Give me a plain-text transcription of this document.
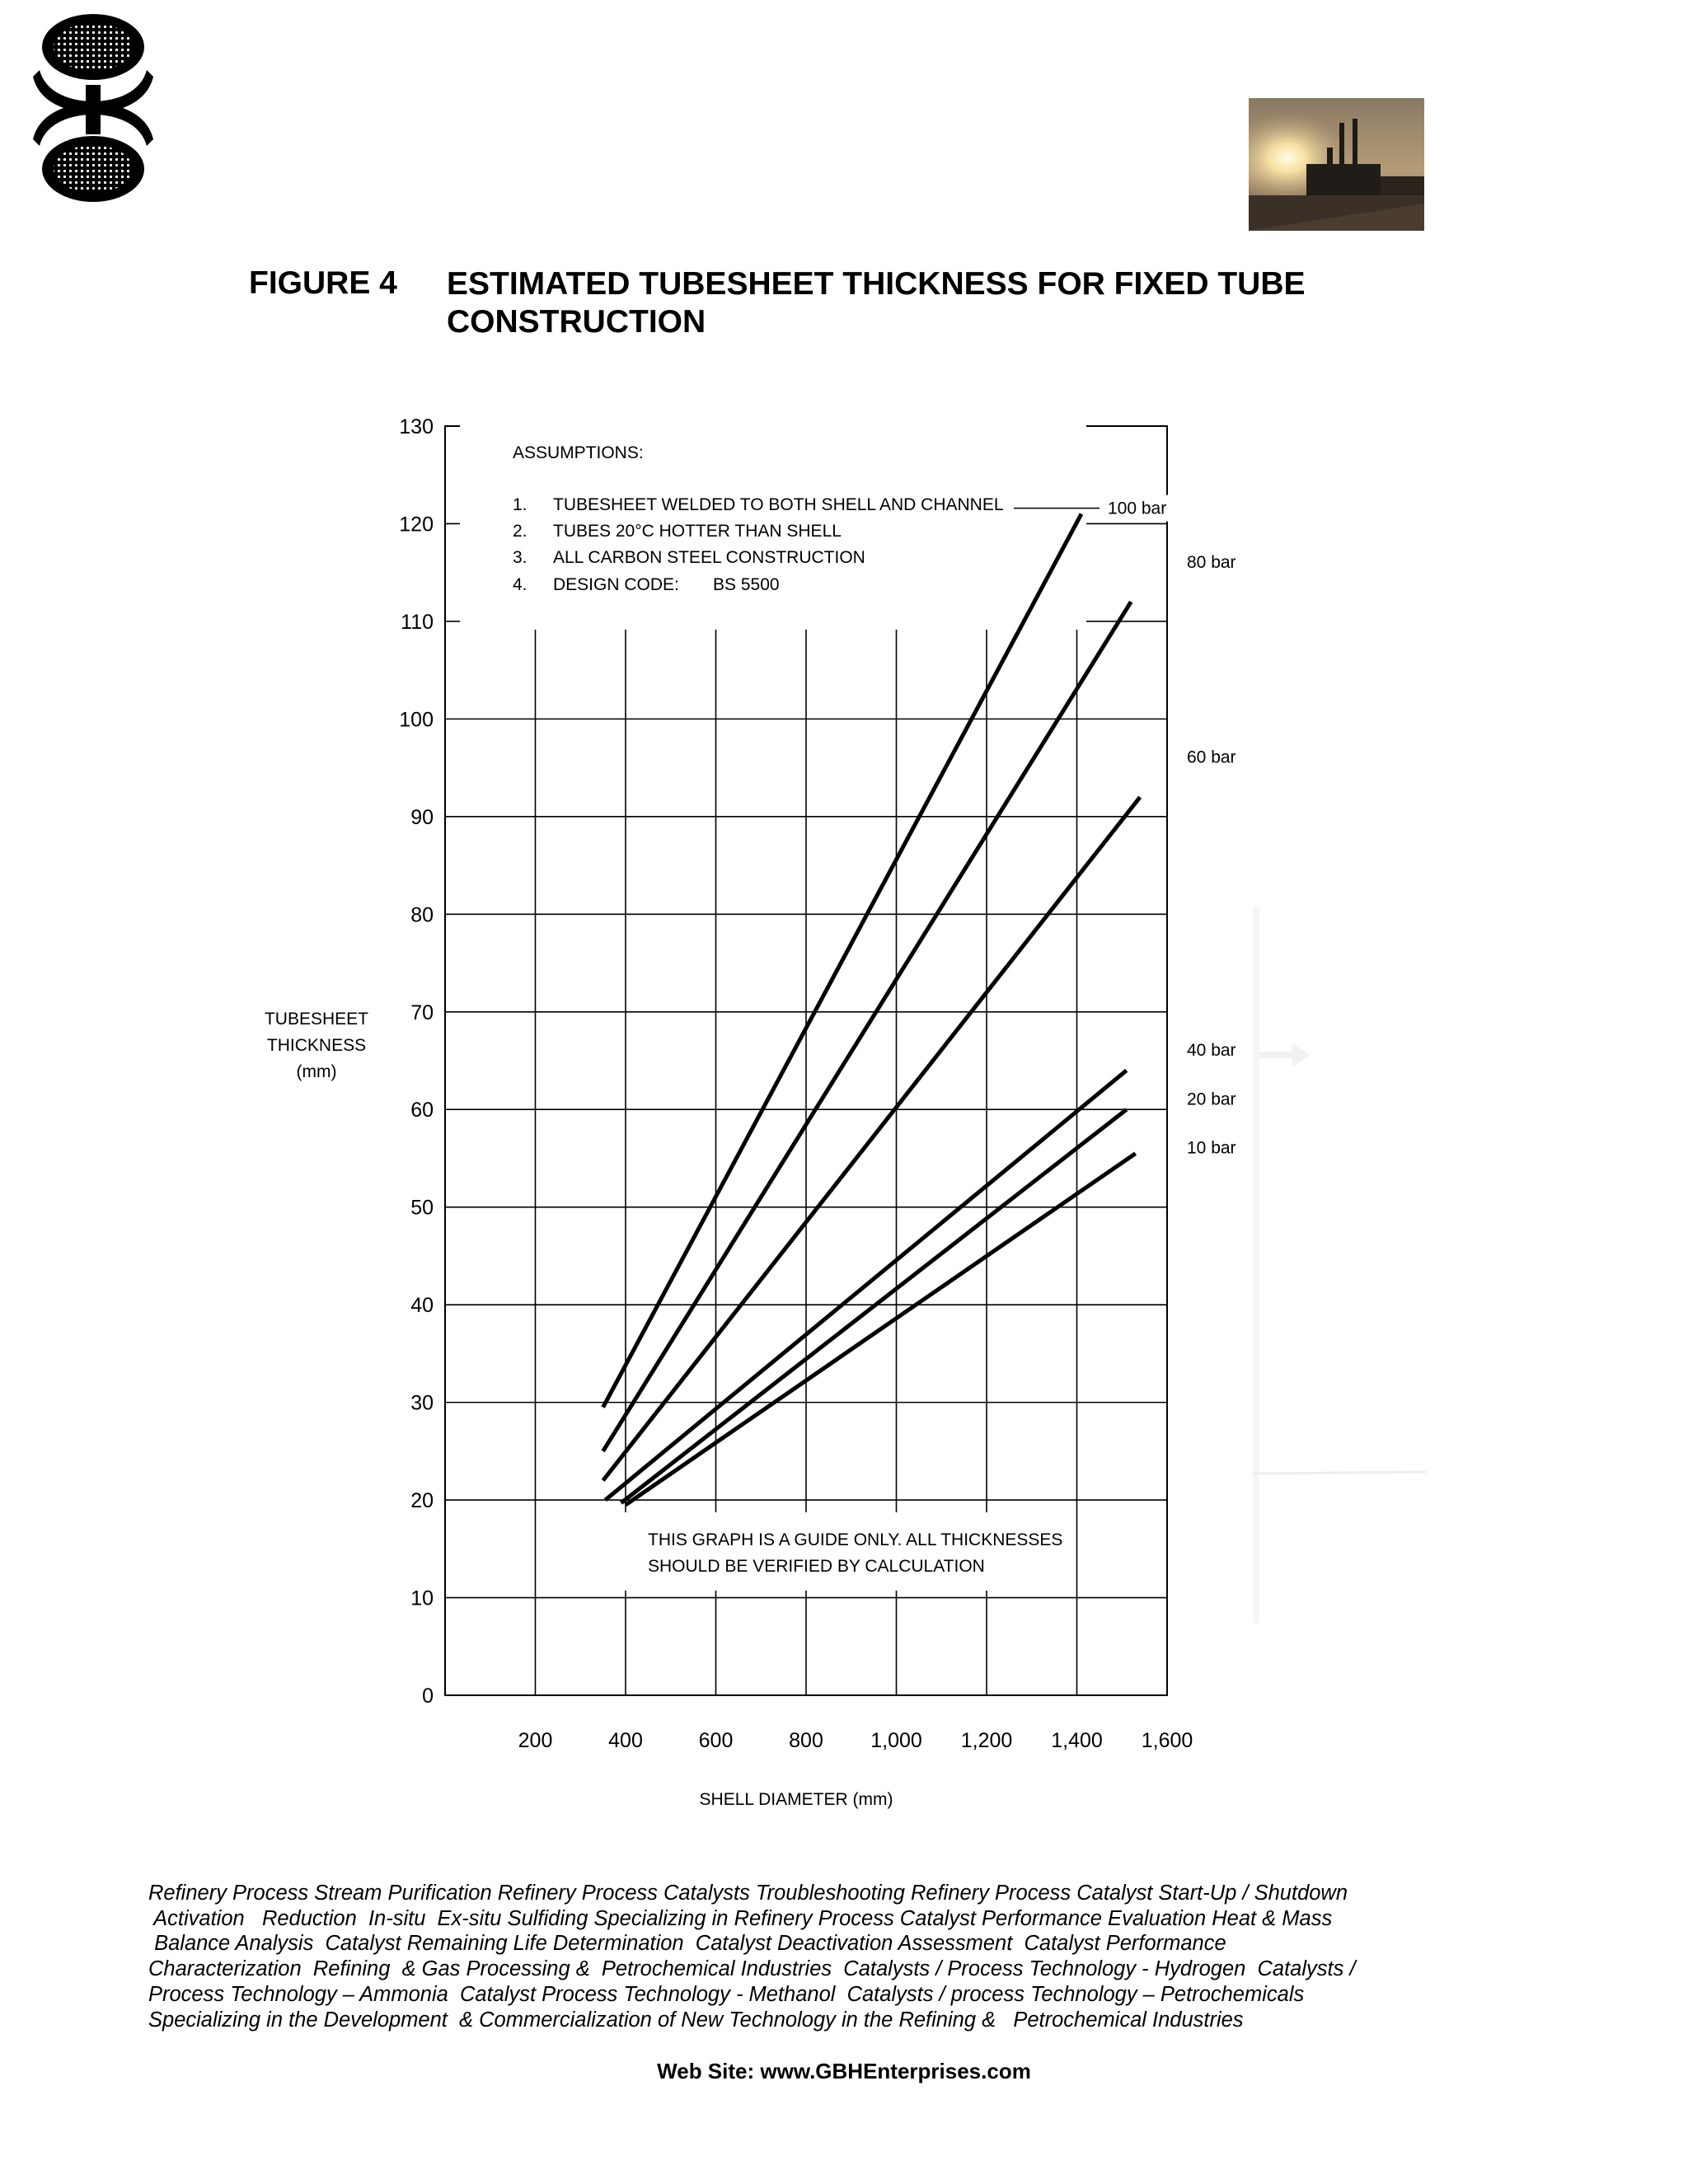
FIGURE 4 ESTIMATED TUBESHEET THICKNESS FOR FIXED TUBE CONSTRUCTION
0
10
20
30
40
50
60
70
80
90
100
110
120
130
200	400	600	800 1,000 1,200 1,400 1,600
ASSUMPTIONS:
1. TUBESHEET WELDED TO BOTH SHELL AND CHANNEL
2. TUBES 20°C HOTTER THAN SHELL
3. ALL CARBON STEEL CONSTRUCTION
4. DESIGN CODE: BS 5500
THIS GRAPH IS A GUIDE ONLY. ALL THICKNESSES
SHOULD BE VERIFIED BY CALCULATION
100 bar
80 bar
60 bar
40 bar
20 bar
10 bar
TUBESHEET
THICKNESS
(mm)
SHELL DIAMETER (mm)
Refinery Process Stream Purification Refinery Process Catalysts Troubleshooting Refinery Process Catalyst Start-Up / Shutdown
Activation   Reduction  In-situ  Ex-situ Sulfiding Specializing in Refinery Process Catalyst Performance Evaluation Heat & Mass
Balance Analysis  Catalyst Remaining Life Determination  Catalyst Deactivation Assessment  Catalyst Performance
Characterization  Refining  & Gas Processing &  Petrochemical Industries  Catalysts / Process Technology - Hydrogen  Catalysts /
Process Technology – Ammonia  Catalyst Process Technology - Methanol  Catalysts / process Technology – Petrochemicals
Specializing in the Development  & Commercialization of New Technology in the Refining &   Petrochemical Industries
Web Site: www.GBHEnterprises.com
